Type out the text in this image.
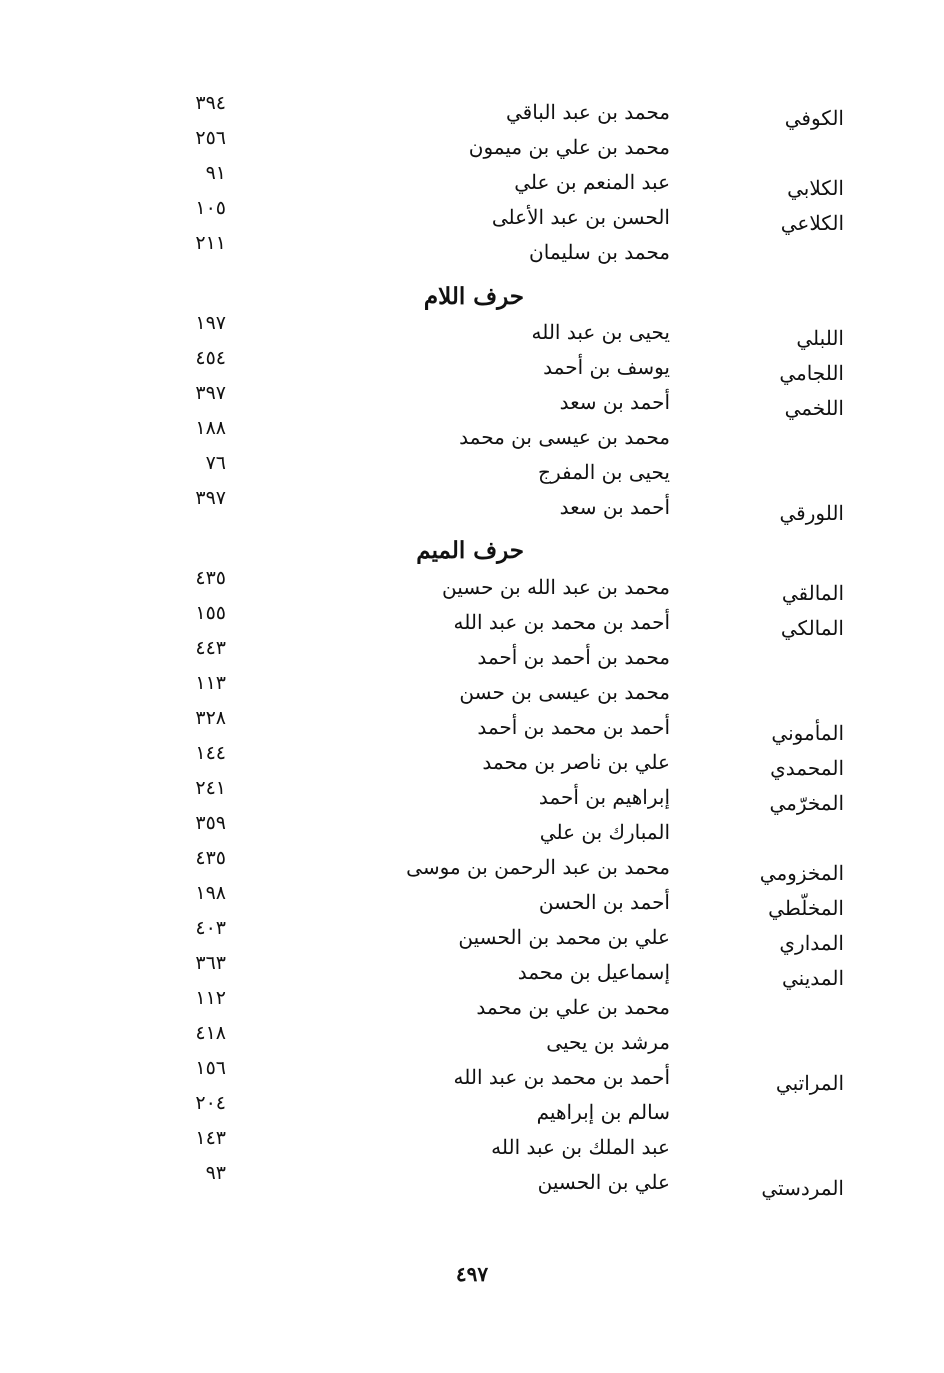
الكوفي
محمد بن عبد الباقي
٣٩٤
محمد بن علي بن ميمون
٢٥٦
الكلابي
عبد المنعم بن علي
٩١
الكلاعي
الحسن بن عبد الأعلى
١٠٥
محمد بن سليمان
٢١١
حرف اللام
اللبلي
يحيى بن عبد الله
١٩٧
اللجامي
يوسف بن أحمد
٤٥٤
اللخمي
أحمد بن سعد
٣٩٧
محمد بن عيسى بن محمد
١٨٨
يحيى بن المفرج
٧٦
اللورقي
أحمد بن سعد
٣٩٧
حرف الميم
المالقي
محمد بن عبد الله بن حسين
٤٣٥
المالكي
أحمد بن محمد بن عبد الله
١٥٥
محمد بن أحمد بن أحمد
٤٤٣
محمد بن عيسى بن حسن
١١٣
المأموني
أحمد بن محمد بن أحمد
٣٢٨
المحمدي
علي بن ناصر بن محمد
١٤٤
المخرّمي
إبراهيم بن أحمد
٢٤١
المبارك بن علي
٣٥٩
المخزومي
محمد بن عبد الرحمن بن موسى
٤٣٥
المخلّطي
أحمد بن الحسن
١٩٨
المداري
علي بن محمد بن الحسين
٤٠٣
المديني
إسماعيل بن محمد
٣٦٣
محمد بن علي بن محمد
١١٢
مرشد بن يحيى
٤١٨
المراتبي
أحمد بن محمد بن عبد الله
١٥٦
سالم بن إبراهيم
٢٠٤
عبد الملك بن عبد الله
١٤٣
المردستي
علي بن الحسين
٩٣
٤٩٧
